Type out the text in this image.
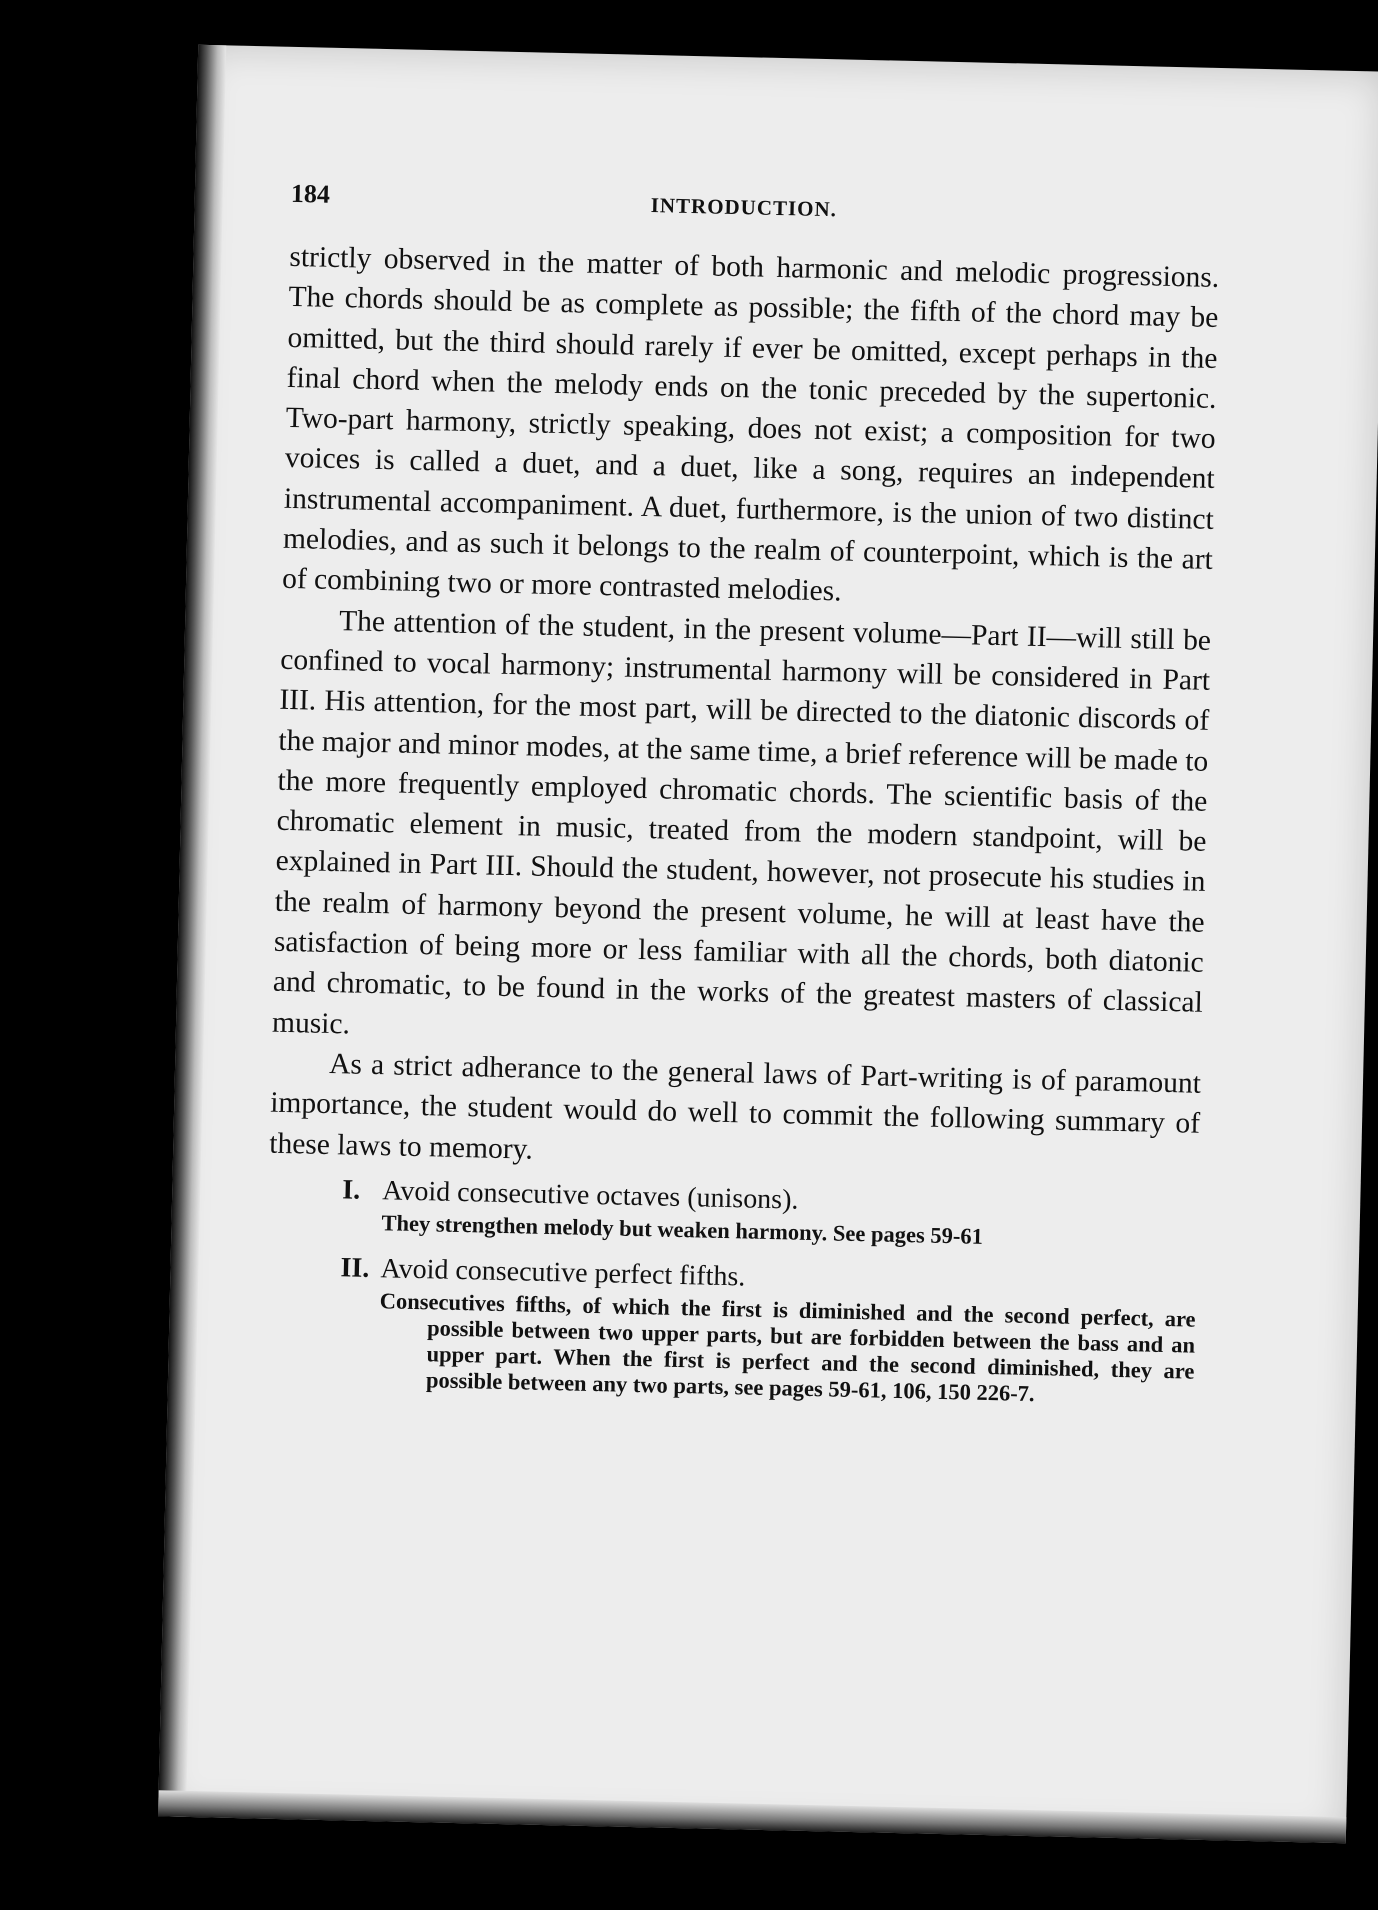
184	INTRODUCTION.

strictly observed in the matter of both harmonic and melodic progressions. The chords should be as complete as possible; the fifth of the chord may be omitted, but the third should rarely if ever be omitted, except perhaps in the final chord when the melody ends on the tonic preceded by the supertonic. Two-part harmony, strictly speaking, does not exist; a composition for two voices is called a duet, and a duet, like a song, requires an independent instrumental accompaniment. A duet, furthermore, is the union of two distinct melodies, and as such it belongs to the realm of counterpoint, which is the art of combining two or more contrasted melodies.

The attention of the student, in the present volume—Part II—will still be confined to vocal harmony; instrumental harmony will be considered in Part III. His attention, for the most part, will be directed to the diatonic discords of the major and minor modes, at the same time, a brief reference will be made to the more frequently employed chromatic chords. The scientific basis of the chromatic element in music, treated from the modern standpoint, will be explained in Part III. Should the student, however, not prosecute his studies in the realm of harmony beyond the present volume, he will at least have the satisfaction of being more or less familiar with all the chords, both diatonic and chromatic, to be found in the works of the greatest masters of classical music.

As a strict adherance to the general laws of Part-writing is of paramount importance, the student would do well to commit the following summary of these laws to memory.

I. Avoid consecutive octaves (unisons).
They strengthen melody but weaken harmony. See pages 59-61
II. Avoid consecutive perfect fifths.
Consecutives fifths, of which the first is diminished and the second perfect, are possible between two upper parts, but are forbidden between the bass and an upper part. When the first is perfect and the second diminished, they are possible between any two parts, see pages 59-61, 106, 150 226-7.
